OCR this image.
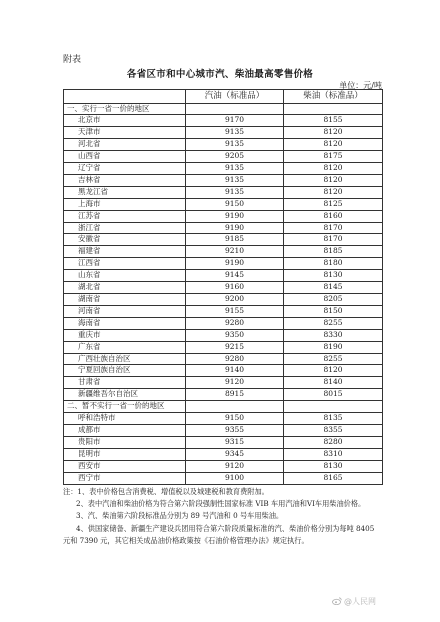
附表
各省区市和中心城市汽、柴油最高零售价格
单位：元/吨
	汽油（标准品）	柴油（标准品）
一、实行一省一价的地区		
北京市	9170	8155
天津市	9135	8120
河北省	9135	8120
山西省	9205	8175
辽宁省	9135	8120
吉林省	9135	8120
黑龙江省	9135	8120
上海市	9150	8125
江苏省	9190	8160
浙江省	9190	8170
安徽省	9185	8170
福建省	9210	8185
江西省	9190	8180
山东省	9145	8130
湖北省	9160	8145
湖南省	9200	8205
河南省	9155	8150
海南省	9280	8255
重庆市	9350	8330
广东省	9215	8190
广西壮族自治区	9280	8255
宁夏回族自治区	9140	8120
甘肃省	9120	8140
新疆维吾尔自治区	8915	8015
二、暂不实行一省一价的地区		
呼和浩特市	9150	8135
成都市	9355	8355
贵阳市	9315	8280
昆明市	9345	8310
西安市	9120	8130
西宁市	9100	8165

注：1、表中价格包含消费税、增值税以及城建税和教育费附加。

2、表中汽油和柴油价格为符合第六阶段强制性国家标准 VIB 车用汽油和VI车用柴油价格。

3、汽、柴油第六阶段标准品分别为 89 号汽油和 0 号车用柴油。

4、供国家储备、新疆生产建设兵团用符合第六阶段质量标准的汽、柴油价格分别为每吨 8405 元和 7390 元，其它相关成品油价格政策按《石油价格管理办法》规定执行。

@人民网
